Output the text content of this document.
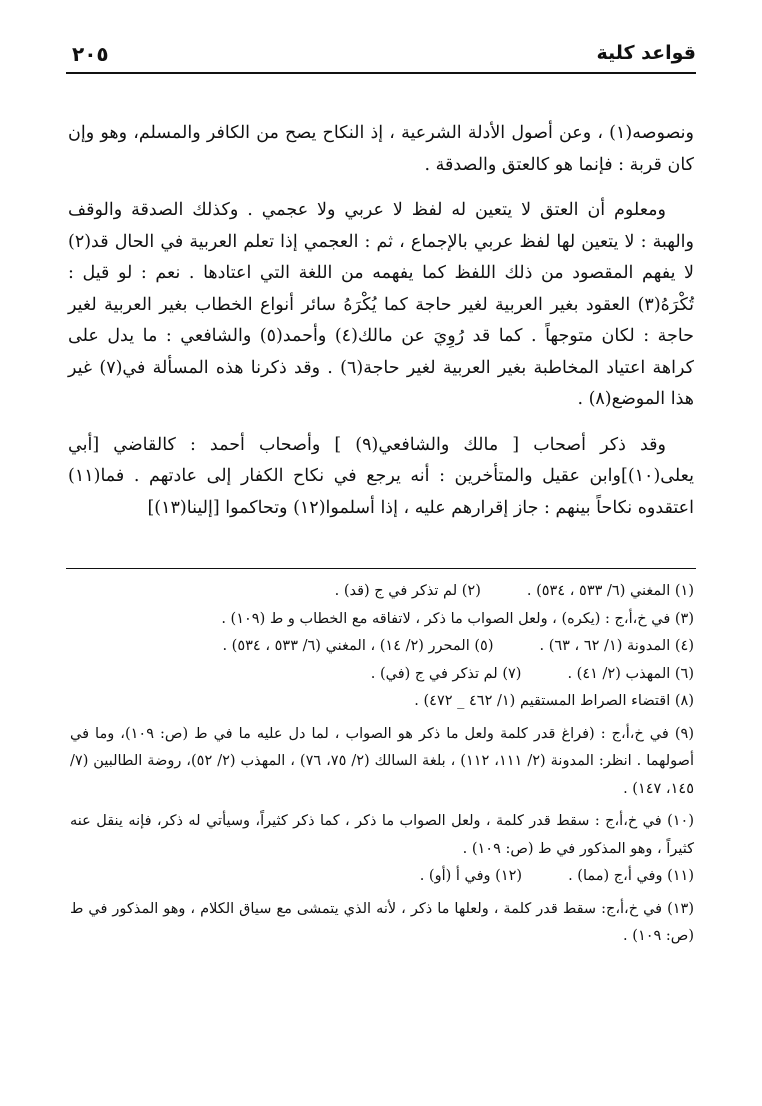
قواعد كلية
٢٠٥

ونصوصه(١) ، وعن أصول الأدلة الشرعية ، إذ النكاح يصح من الكافر والمسلم، وهو وإن كان قربة : فإنما هو كالعتق والصدقة .

ومعلوم أن العتق لا يتعين له لفظ لا عربي ولا عجمي . وكذلك الصدقة والوقف والهبة : لا يتعين لها لفظ عربي بالإجماع ، ثم : العجمي إذا تعلم العربية في الحال قد(٢) لا يفهم المقصود من ذلك اللفظ كما يفهمه من اللغة التي اعتادها . نعم : لو قيل : تُكْرَهُ(٣) العقود بغير العربية لغير حاجة كما يُكْرَهُ سائر أنواع الخطاب بغير العربية لغير حاجة : لكان متوجهاً . كما قد رُوِيَ عن مالك(٤) وأحمد(٥) والشافعي : ما يدل على كراهة اعتياد المخاطبة بغير العربية لغير حاجة(٦) . وقد ذكرنا هذه المسألة في(٧) غير هذا الموضع(٨) .

وقد ذكر أصحاب [ مالك والشافعي(٩) ] وأصحاب أحمد : كالقاضي [أبي يعلى(١٠)]وابن عقيل والمتأخرين : أنه يرجع في نكاح الكفار إلى عادتهم . فما(١١) اعتقدوه نكاحاً بينهم : جاز إقرارهم عليه ، إذا أسلموا(١٢) وتحاكموا [إلينا(١٣)]

(١) المغني (٦/ ٥٣٣ ، ٥٣٤) .
(٢) لم تذكر في ج (قد) .
(٣) في خ،أ،ج : (يكره) ، ولعل الصواب ما ذكر ، لاتفاقه مع الخطاب و ط (١٠٩) .
(٤) المدونة (١/ ٦٢ ، ٦٣) .
(٥) المحرر (٢/ ١٤) ، المغني (٦/ ٥٣٣ ، ٥٣٤) .
(٦) المهذب (٢/ ٤١) .
(٧) لم تذكر في ج (في) .
(٨) اقتضاء الصراط المستقيم (١/ ٤٦٢ _ ٤٧٢) .
(٩) في خ،أ،ج : (فراغ قدر كلمة ولعل ما ذكر هو الصواب ، لما دل عليه ما في ط (ص: ١٠٩)، وما في أصولهما . انظر: المدونة (٢/ ١١١، ١١٢) ، بلغة السالك (٢/ ٧٥، ٧٦) ، المهذب (٢/ ٥٢)، روضة الطالبين (٧/ ١٤٥، ١٤٧) .
(١٠) في خ،أ،ج : سقط قدر كلمة ، ولعل الصواب ما ذكر ، كما ذكر كثيراً، وسيأتي له ذكر، فإنه ينقل عنه كثيراً ، وهو المذكور في ط (ص: ١٠٩) .
(١١) وفي أ،ج (مما) .
(١٢) وفي أ (أو) .
(١٣) في خ،أ،ج: سقط قدر كلمة ، ولعلها ما ذكر ، لأنه الذي يتمشى مع سياق الكلام ، وهو المذكور في ط (ص: ١٠٩) .
